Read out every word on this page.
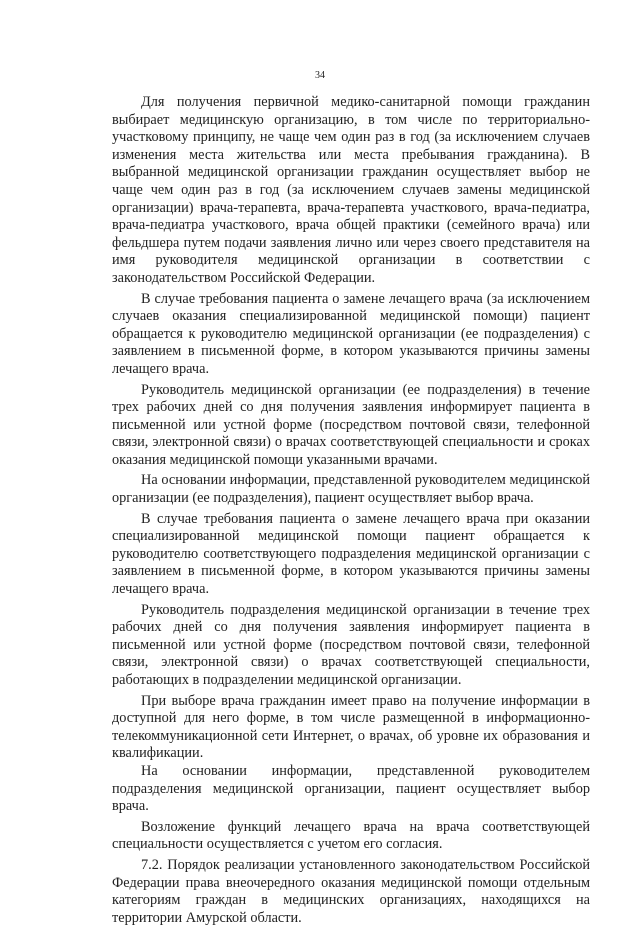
34

Для получения первичной медико-санитарной помощи гражданин выбирает медицинскую организацию, в том числе по территориально-участковому принципу, не чаще чем один раз в год (за исключением случаев изменения места жительства или места пребывания гражданина). В выбранной медицинской организации гражданин осуществляет выбор не чаще чем один раз в год (за исключением случаев замены медицинской организации) врача-терапевта, врача-терапевта участкового, врача-педиатра, врача-педиатра участкового, врача общей практики (семейного врача) или фельдшера путем подачи заявления лично или через своего представителя на имя руководителя медицинской организации в соответствии с законодательством Российской Федерации.

В случае требования пациента о замене лечащего врача (за исключением случаев оказания специализированной медицинской помощи) пациент обращается к руководителю медицинской организации (ее подразделения) с заявлением в письменной форме, в котором указываются причины замены лечащего врача.

Руководитель медицинской организации (ее подразделения) в течение трех рабочих дней со дня получения заявления информирует пациента в письменной или устной форме (посредством почтовой связи, телефонной связи, электронной связи) о врачах соответствующей специальности и сроках оказания медицинской помощи указанными врачами.

На основании информации, представленной руководителем медицинской организации (ее подразделения), пациент осуществляет выбор врача.

В случае требования пациента о замене лечащего врача при оказании специализированной медицинской помощи пациент обращается к руководителю соответствующего подразделения медицинской организации с заявлением в письменной форме, в котором указываются причины замены лечащего врача.

Руководитель подразделения медицинской организации в течение трех рабочих дней со дня получения заявления информирует пациента в письменной или устной форме (посредством почтовой связи, телефонной связи, электронной связи) о врачах соответствующей специальности, работающих в подразделении медицинской организации.

При выборе врача гражданин имеет право на получение информации в доступной для него форме, в том числе размещенной в информационно-телекоммуникационной сети Интернет, о врачах, об уровне их образования и квалификации.

На основании информации, представленной руководителем подразделения медицинской организации, пациент осуществляет выбор врача.

Возложение функций лечащего врача на врача соответствующей специальности осуществляется с учетом его согласия.

7.2. Порядок реализации установленного законодательством Российской Федерации права внеочередного оказания медицинской помощи отдельным категориям граждан в медицинских организациях, находящихся на территории Амурской области.
